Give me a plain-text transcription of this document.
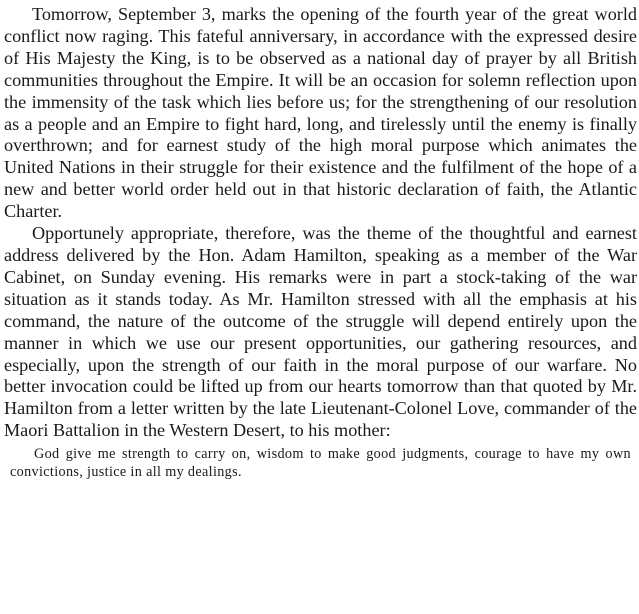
Tomorrow, September 3, marks the opening of the fourth year of the great world conflict now raging. This fateful anniversary, in accordance with the expressed desire of His Majesty the King, is to be observed as a national day of prayer by all British communities throughout the Empire. It will be an occasion for solemn reflection upon the immensity of the task which lies before us; for the strengthening of our resolution as a people and an Empire to fight hard, long, and tirelessly until the enemy is finally overthrown; and for earnest study of the high moral purpose which animates the United Nations in their struggle for their existence and the fulfilment of the hope of a new and better world order held out in that historic declaration of faith, the Atlantic Charter.

Opportunely appropriate, therefore, was the theme of the thoughtful and earnest address delivered by the Hon. Adam Hamilton, speaking as a member of the War Cabinet, on Sunday evening. His remarks were in part a stock-taking of the war situation as it stands today. As Mr. Hamilton stressed with all the emphasis at his command, the nature of the outcome of the struggle will depend entirely upon the manner in which we use our present opportunities, our gathering resources, and especially, upon the strength of our faith in the moral purpose of our warfare. No better invocation could be lifted up from our hearts tomorrow than that quoted by Mr. Hamilton from a letter written by the late Lieutenant-Colonel Love, commander of the Maori Battalion in the Western Desert, to his mother:

God give me strength to carry on, wisdom to make good judgments, courage to have my own convictions, justice in all my dealings.
